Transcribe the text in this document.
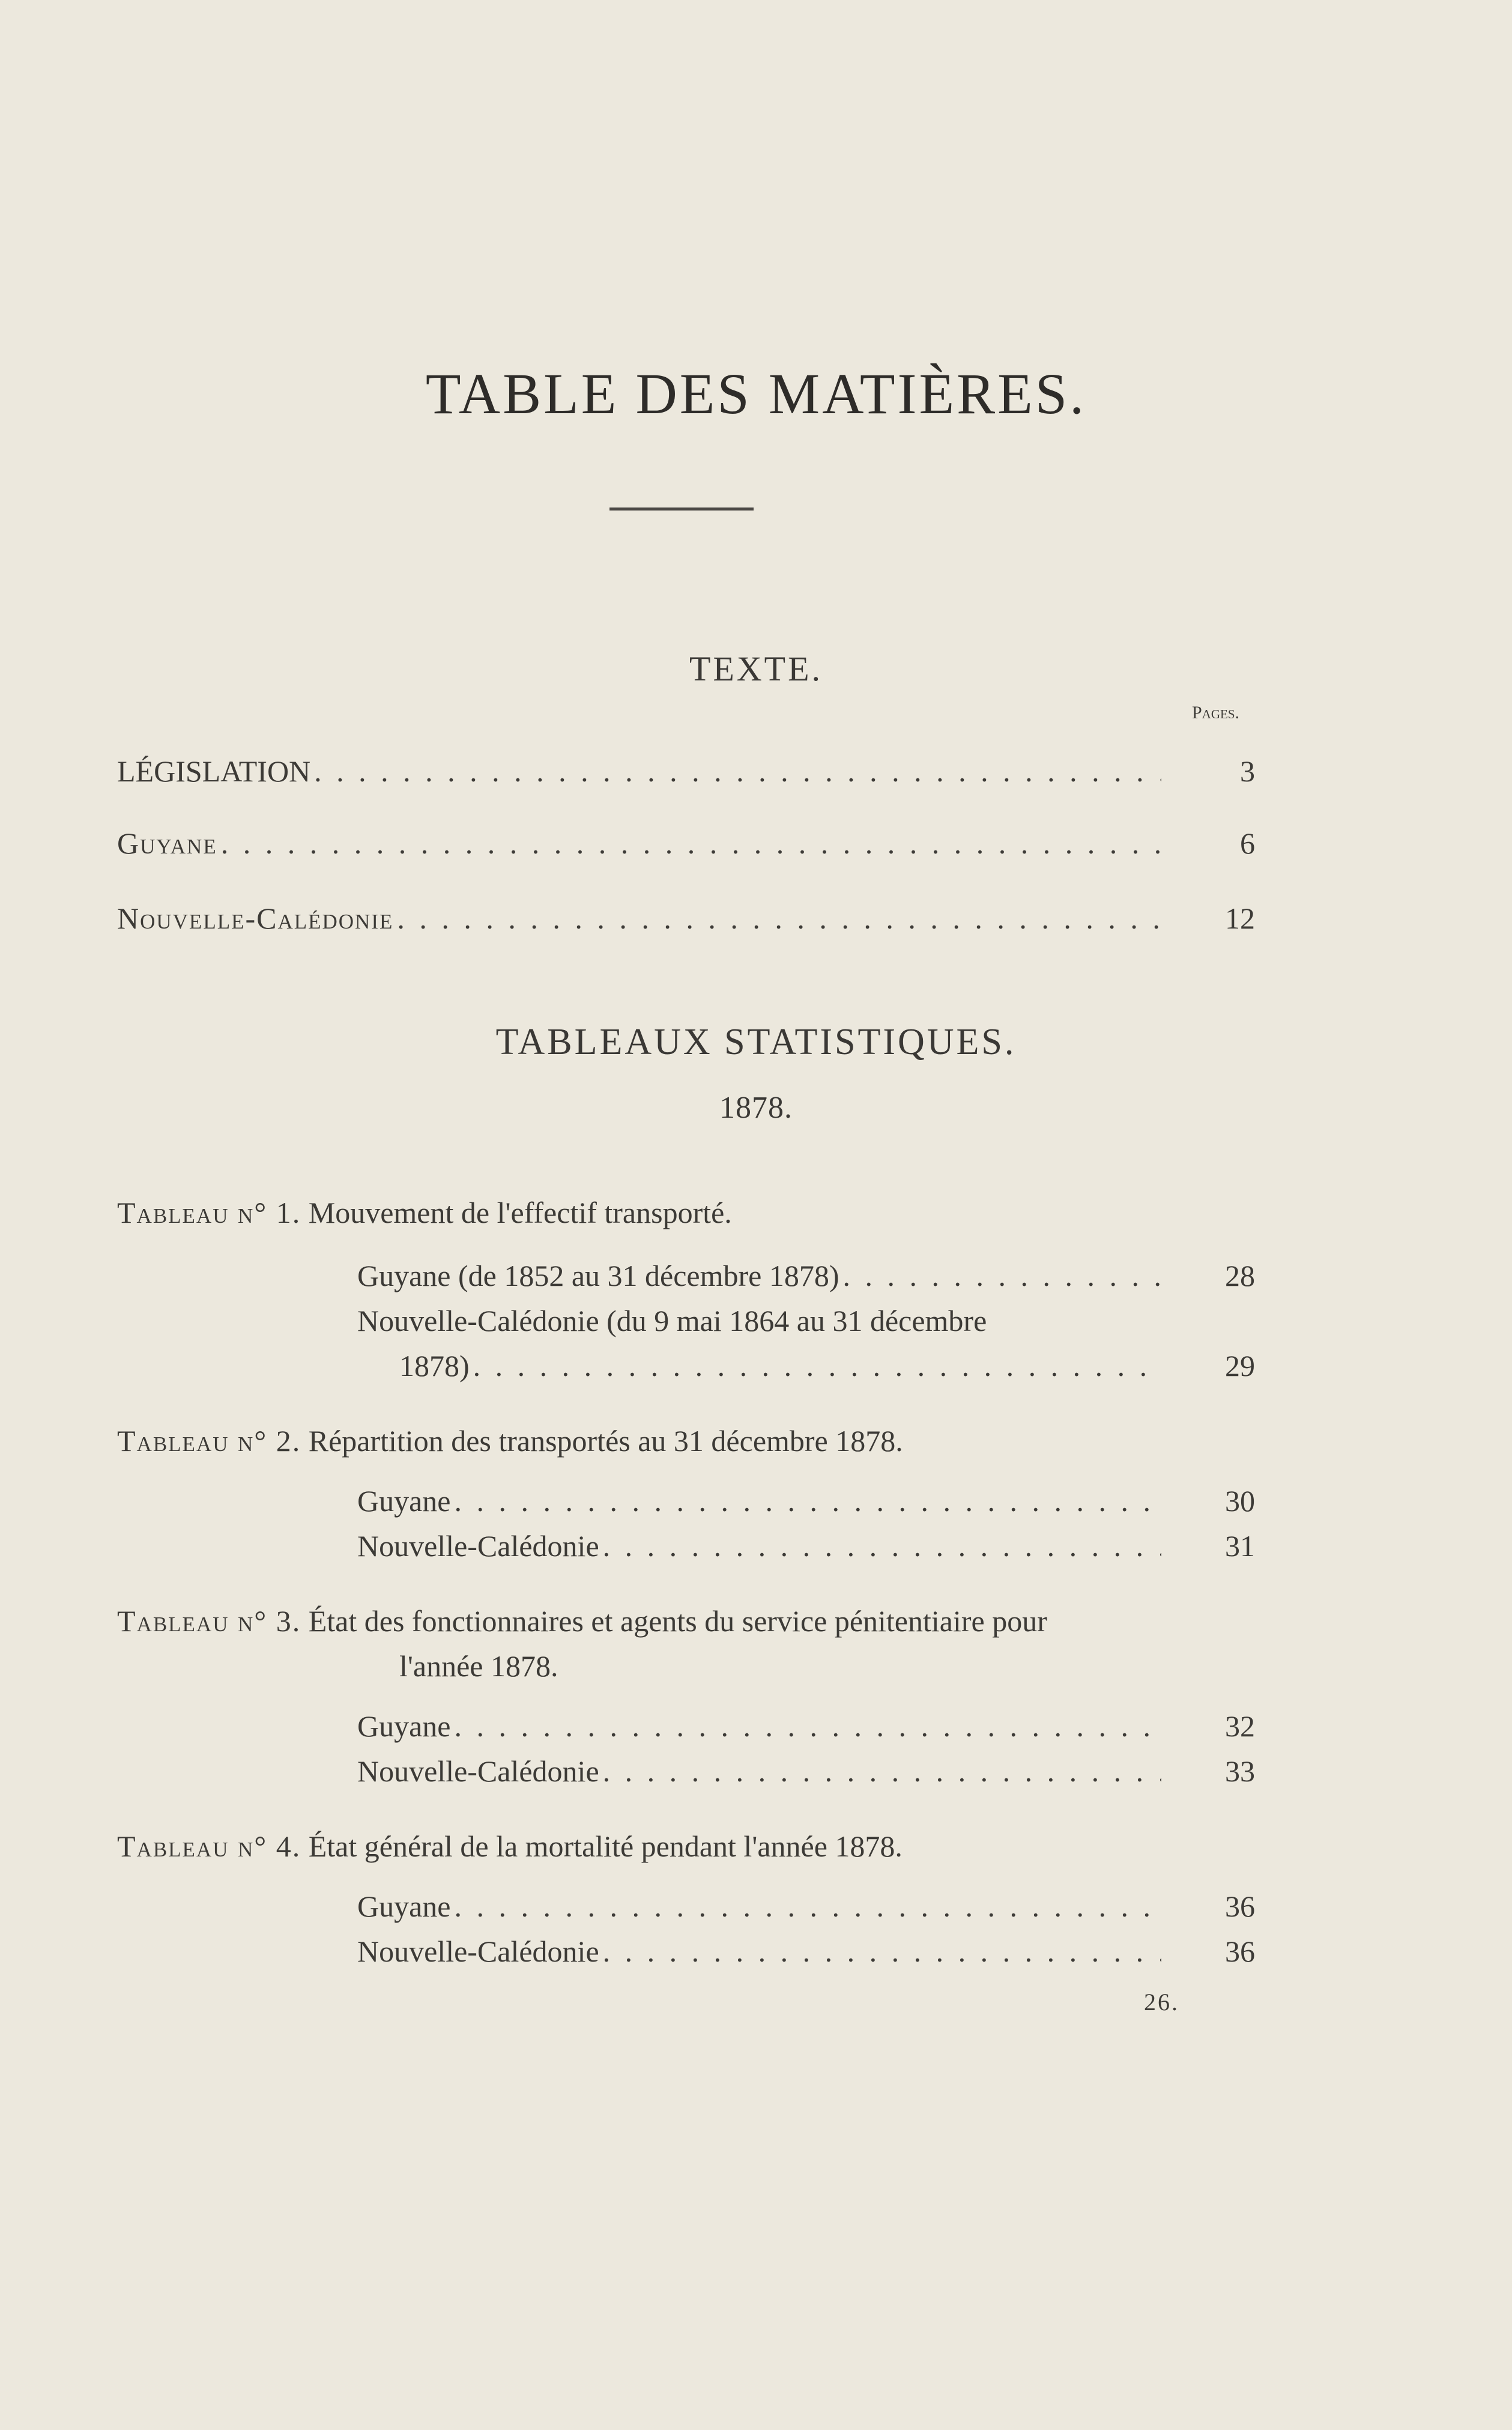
TABLE DES MATIÈRES.
TEXTE.
Pages.
LÉGISLATION . . .	3
Guyane . . .	6
Nouvelle-Calédonie . . .	12
TABLEAUX STATISTIQUES.
1878.
Tableau n° 1. Mouvement de l'effectif transporté.
Guyane (de 1852 au 31 décembre 1878) . . .	28
Nouvelle-Calédonie (du 9 mai 1864 au 31 décembre
1878) . . .	29
Tableau n° 2. Répartition des transportés au 31 décembre 1878.
Guyane . . .	30
Nouvelle-Calédonie . . .	31
Tableau n° 3. État des fonctionnaires et agents du service pénitentiaire pour
l'année 1878.
Guyane . . .	32
Nouvelle-Calédonie . . .	33
Tableau n° 4. État général de la mortalité pendant l'année 1878.
Guyane . . .	36
Nouvelle-Calédonie . . .	36
26.
